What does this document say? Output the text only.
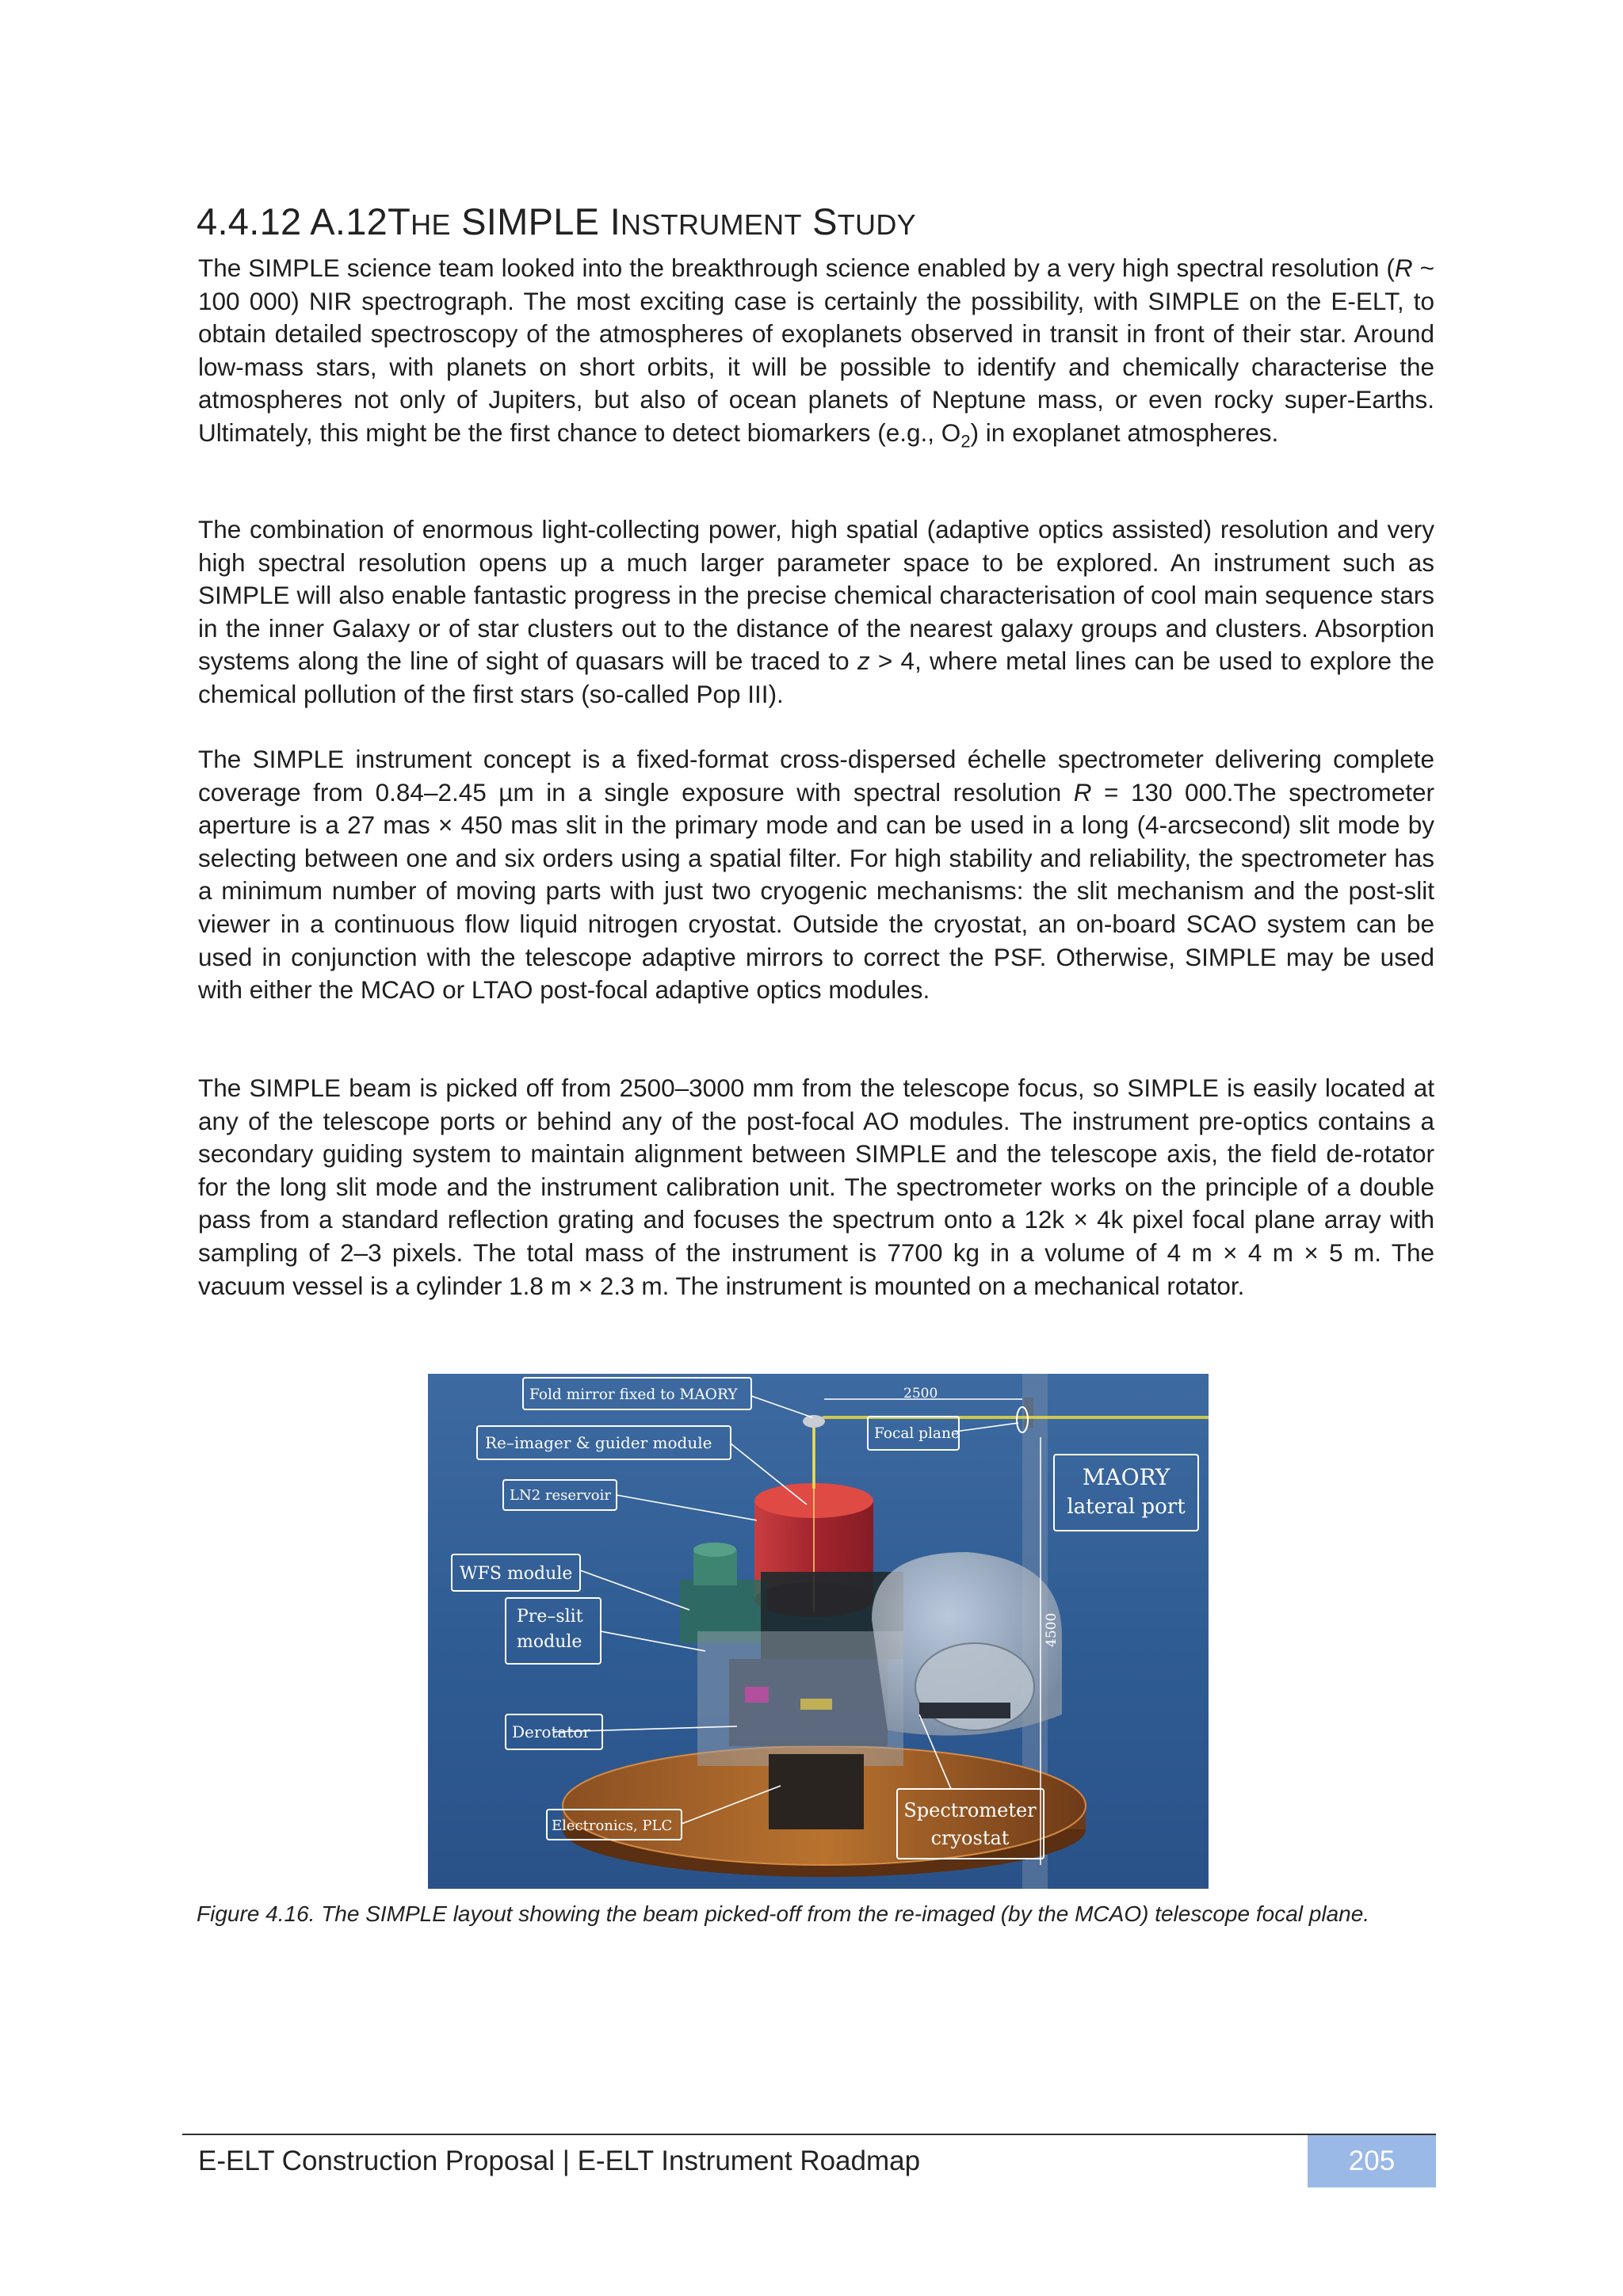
4.4.12 A.12THE SIMPLE INSTRUMENT STUDY
The SIMPLE science team looked into the breakthrough science enabled by a very high spectral resolution (R ~ 100 000) NIR spectrograph. The most exciting case is certainly the possibility, with SIMPLE on the E-ELT, to obtain detailed spectroscopy of the atmospheres of exoplanets observed in transit in front of their star. Around low-mass stars, with planets on short orbits, it will be possible to identify and chemically characterise the atmospheres not only of Jupiters, but also of ocean planets of Neptune mass, or even rocky super-Earths. Ultimately, this might be the first chance to detect biomarkers (e.g., $O_2$) in exoplanet atmospheres.
The combination of enormous light-collecting power, high spatial (adaptive optics assisted) resolution and very high spectral resolution opens up a much larger parameter space to be explored. An instrument such as SIMPLE will also enable fantastic progress in the precise chemical characterisation of cool main sequence stars in the inner Galaxy or of star clusters out to the distance of the nearest galaxy groups and clusters. Absorption systems along the line of sight of quasars will be traced to z > 4, where metal lines can be used to explore the chemical pollution of the first stars (so-called Pop III).
The SIMPLE instrument concept is a fixed-format cross-dispersed échelle spectrometer delivering complete coverage from 0.84–2.45 µm in a single exposure with spectral resolution R = 130 000.The spectrometer aperture is a 27 mas × 450 mas slit in the primary mode and can be used in a long (4-arcsecond) slit mode by selecting between one and six orders using a spatial filter. For high stability and reliability, the spectrometer has a minimum number of moving parts with just two cryogenic mechanisms: the slit mechanism and the post-slit viewer in a continuous flow liquid nitrogen cryostat. Outside the cryostat, an on-board SCAO system can be used in conjunction with the telescope adaptive mirrors to correct the PSF. Otherwise, SIMPLE may be used with either the MCAO or LTAO post-focal adaptive optics modules.
The SIMPLE beam is picked off from 2500–3000 mm from the telescope focus, so SIMPLE is easily located at any of the telescope ports or behind any of the post-focal AO modules. The instrument pre-optics contains a secondary guiding system to maintain alignment between SIMPLE and the telescope axis, the field de-rotator for the long slit mode and the instrument calibration unit. The spectrometer works on the principle of a double pass from a standard reflection grating and focuses the spectrum onto a 12k × 4k pixel focal plane array with sampling of 2–3 pixels. The total mass of the instrument is 7700 kg in a volume of 4 m × 4 m × 5 m. The vacuum vessel is a cylinder 1.8 m × 2.3 m. The instrument is mounted on a mechanical rotator.
2500
4500
Fold mirror fixed to MAORY
Re–imager & guider module
LN2 reservoir
WFS module
Pre–slit
module
Derotator
Electronics, PLC
Focal plane
MAORY
lateral port
Spectrometer
cryostat
Figure 4.16. The SIMPLE layout showing the beam picked-off from the re-imaged (by the MCAO) telescope focal plane.
E-ELT Construction Proposal | E-ELT Instrument Roadmap	205
